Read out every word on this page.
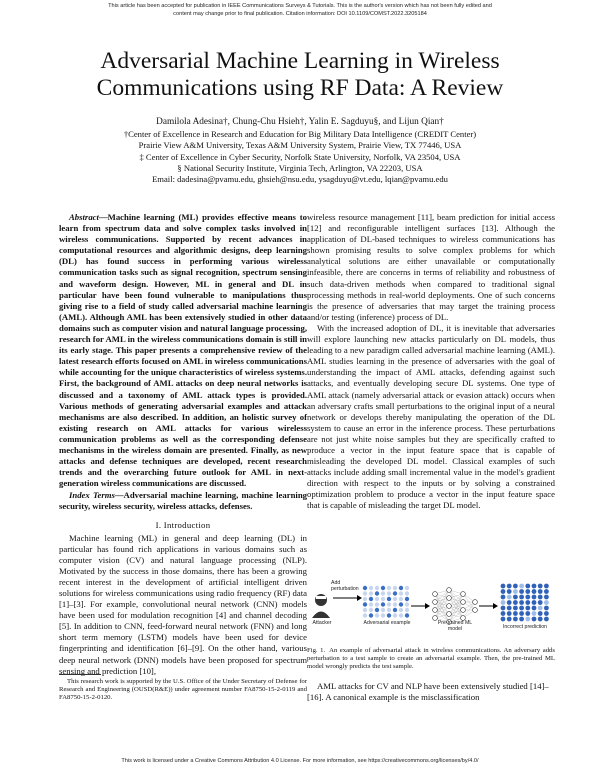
This article has been accepted for publication in IEEE Communications Surveys & Tutorials. This is the author's version which has not been fully edited and
content may change prior to final publication. Citation information: DOI 10.1109/COMST.2022.3205184
Adversarial Machine Learning in Wireless
Communications using RF Data: A Review
Damilola Adesina†, Chung-Chu Hsieh†, Yalin E. Sagduyu§, and Lijun Qian†
†Center of Excellence in Research and Education for Big Military Data Intelligence (CREDIT Center)
Prairie View A&M University, Texas A&M University System, Prairie View, TX 77446, USA
‡ Center of Excellence in Cyber Security, Norfolk State University, Norfolk, VA 23504, USA
§ National Security Institute, Virginia Tech, Arlington, VA 22203, USA
Email: dadesina@pvamu.edu, ghsieh@nsu.edu, ysagduyu@vt.edu, lqian@pvamu.edu

Abstract—Machine learning (ML) provides effective means to learn from spectrum data and solve complex tasks involved in wireless communications. Supported by recent advances in computational resources and algorithmic designs, deep learning (DL) has found success in performing various wireless communication tasks such as signal recognition, spectrum sensing and waveform design. However, ML in general and DL in particular have been found vulnerable to manipulations thus giving rise to a field of study called adversarial machine learning (AML). Although AML has been extensively studied in other data domains such as computer vision and natural language processing, research for AML in the wireless communications domain is still in its early stage. This paper presents a comprehensive review of the latest research efforts focused on AML in wireless communications while accounting for the unique characteristics of wireless systems. First, the background of AML attacks on deep neural networks is discussed and a taxonomy of AML attack types is provided. Various methods of generating adversarial examples and attack mechanisms are also described. In addition, an holistic survey of existing research on AML attacks for various wireless communication problems as well as the corresponding defense mechanisms in the wireless domain are presented. Finally, as new attacks and defense techniques are developed, recent research trends and the overarching future outlook for AML in next-generation wireless communications are discussed.

Index Terms—Adversarial machine learning, machine learning security, wireless security, wireless attacks, defenses.

I. Introduction

Machine learning (ML) in general and deep learning (DL) in particular has found rich applications in various domains such as computer vision (CV) and natural language processing (NLP). Motivated by the success in those domains, there has been a growing recent interest in the development of artificial intelligent driven solutions for wireless communications using radio frequency (RF) data [1]–[3]. For example, convolutional neural network (CNN) models have been used for modulation recognition [4] and channel decoding [5]. In addition to CNN, feed-forward neural network (FNN) and long short term memory (LSTM) models have been used for device fingerprinting and identification [6]–[9]. On the other hand, various deep neural network (DNN) models have been proposed for spectrum sensing and prediction [10],

This research work is supported by the U.S. Office of the Under Secretary of Defense for Research and Engineering (OUSD(R&E)) under agreement number FA8750-15-2-0119 and FA8750-15-2-0120.

wireless resource management [11], beam prediction for initial access [12] and reconfigurable intelligent surfaces [13]. Although the application of DL-based techniques to wireless communications has shown promising results to solve complex problems for which analytical solutions are either unavailable or computationally infeasible, there are concerns in terms of reliability and robustness of such data-driven methods when compared to traditional signal processing methods in real-world deployments. One of such concerns is the presence of adversaries that may target the training process and/or testing (inference) process of DL.

With the increased adoption of DL, it is inevitable that adversaries will explore launching new attacks particularly on DL models, thus leading to a new paradigm called adversarial machine learning (AML). AML studies learning in the presence of adversaries with the goal of understanding the impact of AML attacks, defending against such attacks, and eventually developing secure DL systems. One type of AML attack (namely adversarial attack or evasion attack) occurs when an adversary crafts small perturbations to the original input of a neural network or develops thereby manipulating the operation of the DL system to cause an error in the inference process. These perturbations are not just white noise samples but they are specifically crafted to produce a vector in the input feature space that is capable of misleading the developed DL model. Classical examples of such attacks include adding small incremental value in the model's gradient direction with respect to the inputs or by solving a constrained optimization problem to produce a vector in the input feature space that is capable of misleading the target DL model.

Add perturbation
Attacker	Adversarial example	Pre-trained ML model	Incorrect prediction
Fig. 1. An example of adversarial attack in wireless communications. An adversary adds perturbation to a test sample to create an adversarial example. Then, the pre-trained ML model wrongly predicts the test sample.

AML attacks for CV and NLP have been extensively studied [14]–[16]. A canonical example is the misclassification

This work is licensed under a Creative Commons Attribution 4.0 License. For more information, see https://creativecommons.org/licenses/by/4.0/
